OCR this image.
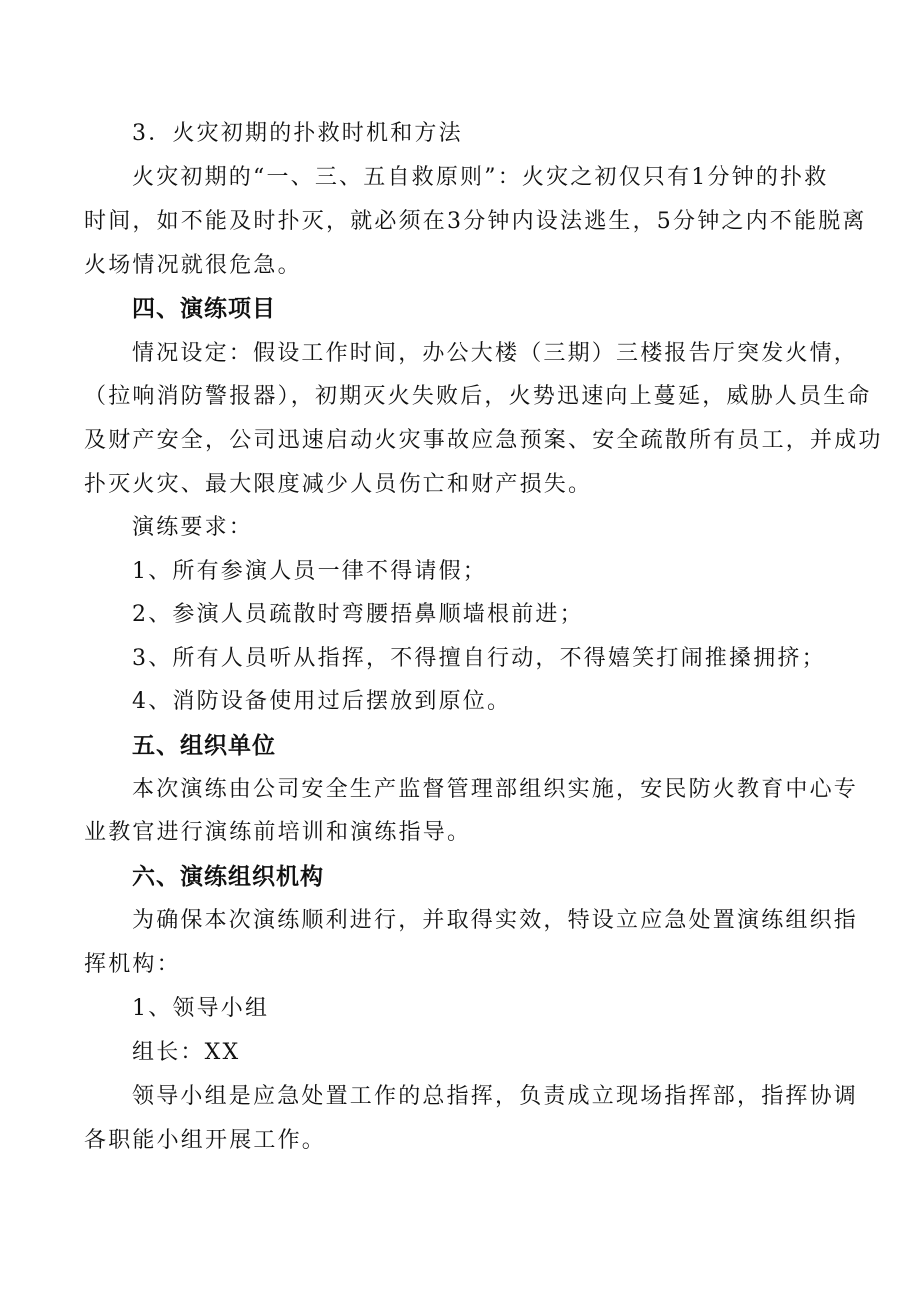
3．火灾初期的扑救时机和方法
火灾初期的“一、三、五自救原则”：火灾之初仅只有1分钟的扑救
时间，如不能及时扑灭，就必须在3分钟内设法逃生，5分钟之内不能脱离
火场情况就很危急。
四、演练项目
情况设定：假设工作时间，办公大楼（三期）三楼报告厅突发火情，
（拉响消防警报器），初期灭火失败后，火势迅速向上蔓延，威胁人员生命
及财产安全，公司迅速启动火灾事故应急预案、安全疏散所有员工，并成功
扑灭火灾、最大限度减少人员伤亡和财产损失。
演练要求：
1、所有参演人员一律不得请假；
2、参演人员疏散时弯腰捂鼻顺墙根前进；
3、所有人员听从指挥，不得擅自行动，不得嬉笑打闹推搡拥挤；
4、消防设备使用过后摆放到原位。
五、组织单位
本次演练由公司安全生产监督管理部组织实施，安民防火教育中心专
业教官进行演练前培训和演练指导。
六、演练组织机构
为确保本次演练顺利进行，并取得实效，特设立应急处置演练组织指
挥机构：
1、领导小组
组长：XX
领导小组是应急处置工作的总指挥，负责成立现场指挥部，指挥协调
各职能小组开展工作。
